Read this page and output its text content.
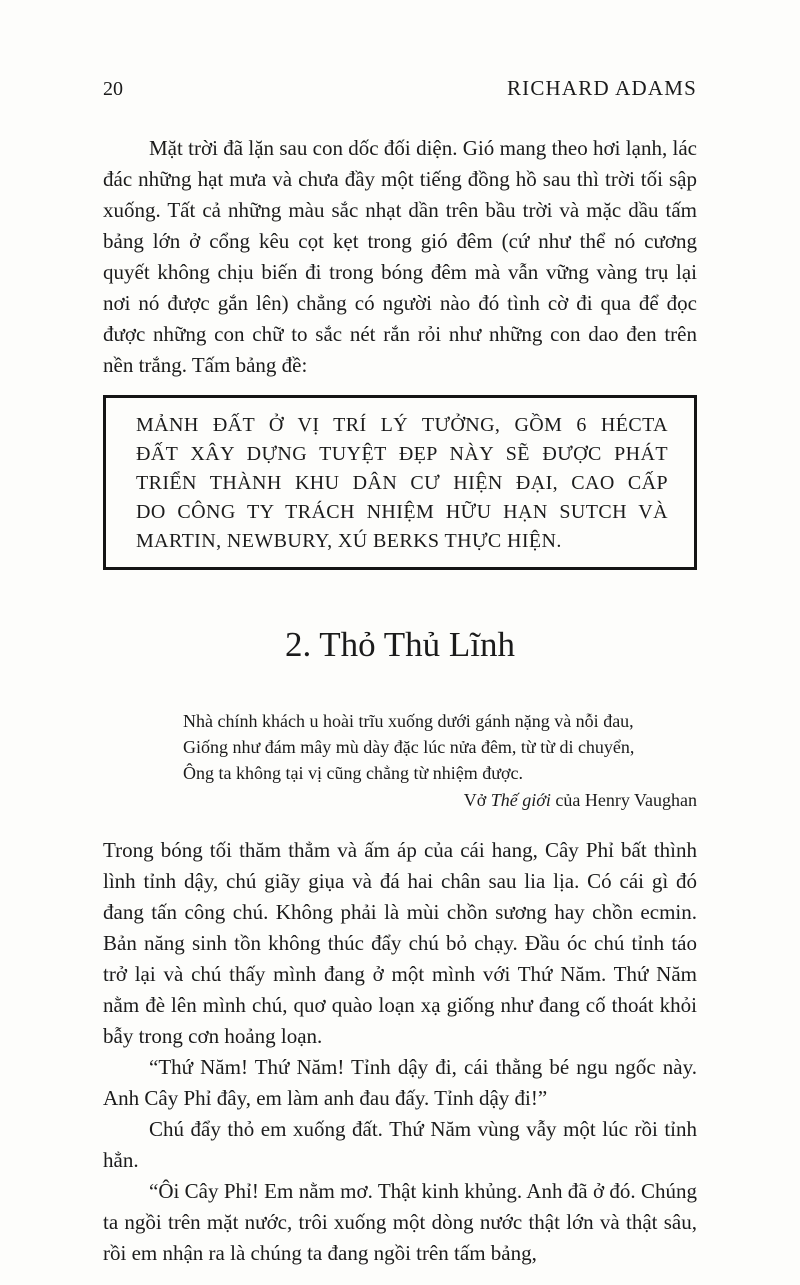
20	RICHARD ADAMS

Mặt trời đã lặn sau con dốc đối diện. Gió mang theo hơi lạnh, lác đác những hạt mưa và chưa đầy một tiếng đồng hồ sau thì trời tối sập xuống. Tất cả những màu sắc nhạt dần trên bầu trời và mặc dầu tấm bảng lớn ở cổng kêu cọt kẹt trong gió đêm (cứ như thể nó cương quyết không chịu biến đi trong bóng đêm mà vẫn vững vàng trụ lại nơi nó được gắn lên) chẳng có người nào đó tình cờ đi qua để đọc được những con chữ to sắc nét rắn rỏi như những con dao đen trên nền trắng. Tấm bảng đề:

MẢNH ĐẤT Ở VỊ TRÍ LÝ TƯỞNG, GỒM 6 HÉCTA
ĐẤT XÂY DỰNG TUYỆT ĐẸP NÀY SẼ ĐƯỢC PHÁT
TRIỂN THÀNH KHU DÂN CƯ HIỆN ĐẠI, CAO CẤP
DO CÔNG TY TRÁCH NHIỆM HỮU HẠN SUTCH VÀ
MARTIN, NEWBURY, XÚ BERKS THỰC HIỆN.
2. Thỏ Thủ Lĩnh
Nhà chính khách u hoài trĩu xuống dưới gánh nặng và nỗi đau,
Giống như đám mây mù dày đặc lúc nửa đêm, từ từ di chuyển,
Ông ta không tại vị cũng chẳng từ nhiệm được.
Vở Thế giới của Henry Vaughan

Trong bóng tối thăm thẳm và ấm áp của cái hang, Cây Phỉ bất thình lình tỉnh dậy, chú giãy giụa và đá hai chân sau lia lịa. Có cái gì đó đang tấn công chú. Không phải là mùi chồn sương hay chồn ecmin. Bản năng sinh tồn không thúc đẩy chú bỏ chạy. Đầu óc chú tỉnh táo trở lại và chú thấy mình đang ở một mình với Thứ Năm. Thứ Năm nằm đè lên mình chú, quơ quào loạn xạ giống như đang cố thoát khỏi bẫy trong cơn hoảng loạn.

“Thứ Năm! Thứ Năm! Tỉnh dậy đi, cái thằng bé ngu ngốc này. Anh Cây Phỉ đây, em làm anh đau đấy. Tỉnh dậy đi!”

Chú đẩy thỏ em xuống đất. Thứ Năm vùng vẫy một lúc rồi tỉnh hẳn.

“Ôi Cây Phỉ! Em nằm mơ. Thật kinh khủng. Anh đã ở đó. Chúng ta ngồi trên mặt nước, trôi xuống một dòng nước thật lớn và thật sâu, rồi em nhận ra là chúng ta đang ngồi trên tấm bảng,
